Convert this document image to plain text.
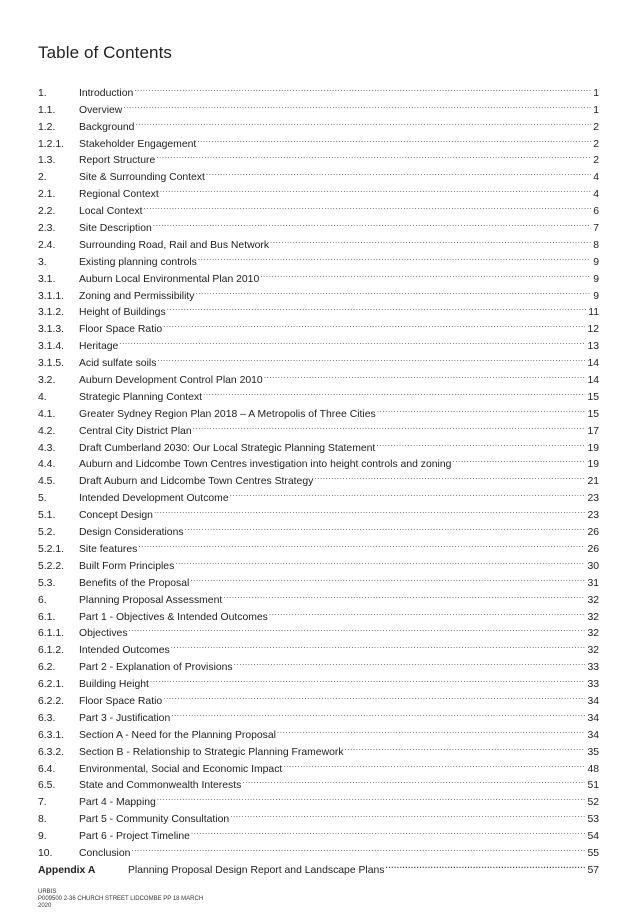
Table of Contents
1.	Introduction .....	1
1.1.	Overview .....	1
1.2.	Background .....	2
1.2.1.	Stakeholder Engagement .....	2
1.3.	Report Structure .....	2
2.	Site & Surrounding Context .....	4
2.1.	Regional Context .....	4
2.2.	Local Context .....	6
2.3.	Site Description .....	7
2.4.	Surrounding Road, Rail and Bus Network .....	8
3.	Existing planning controls .....	9
3.1.	Auburn Local Environmental Plan 2010 .....	9
3.1.1.	Zoning and Permissibility .....	9
3.1.2.	Height of Buildings .....	11
3.1.3.	Floor Space Ratio .....	12
3.1.4.	Heritage .....	13
3.1.5.	Acid sulfate soils .....	14
3.2.	Auburn Development Control Plan 2010 .....	14
4.	Strategic Planning Context .....	15
4.1.	Greater Sydney Region Plan 2018 – A Metropolis of Three Cities .....	15
4.2.	Central City District Plan .....	17
4.3.	Draft Cumberland 2030: Our Local Strategic Planning Statement .....	19
4.4.	Auburn and Lidcombe Town Centres investigation into height controls and zoning .....	19
4.5.	Draft Auburn and Lidcombe Town Centres Strategy .....	21
5.	Intended Development Outcome .....	23
5.1.	Concept Design .....	23
5.2.	Design Considerations .....	26
5.2.1.	Site features .....	26
5.2.2.	Built Form Principles .....	30
5.3.	Benefits of the Proposal .....	31
6.	Planning Proposal Assessment .....	32
6.1.	Part 1 - Objectives & Intended Outcomes .....	32
6.1.1.	Objectives .....	32
6.1.2.	Intended Outcomes .....	32
6.2.	Part 2 - Explanation of Provisions .....	33
6.2.1.	Building Height .....	33
6.2.2.	Floor Space Ratio .....	34
6.3.	Part 3 - Justification .....	34
6.3.1.	Section A - Need for the Planning Proposal .....	34
6.3.2.	Section B - Relationship to Strategic Planning Framework .....	35
6.4.	Environmental, Social and Economic Impact .....	48
6.5.	State and Commonwealth Interests .....	51
7.	Part 4 - Mapping .....	52
8.	Part 5 - Community Consultation .....	53
9.	Part 6 - Project Timeline .....	54
10.	Conclusion .....	55
Appendix A	Planning Proposal Design Report and Landscape Plans .....	57
URBIS
P009500 2-36 CHURCH STREET LIDCOMBE PP 18 MARCH
2020
